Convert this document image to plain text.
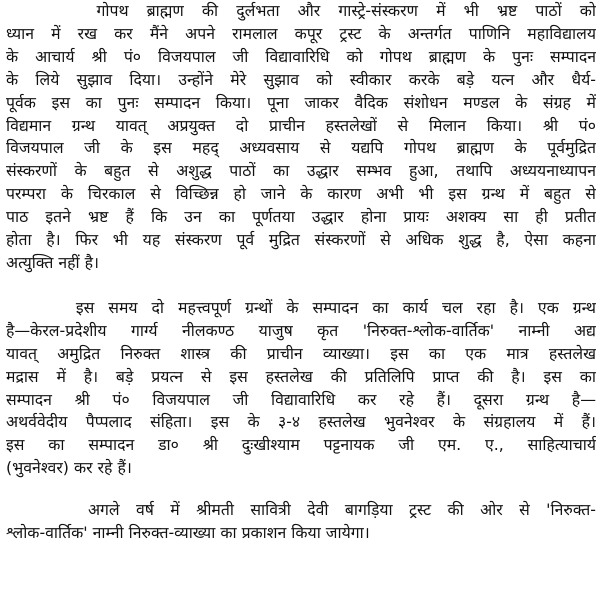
गोपथ ब्राह्मण की दुर्लभता और गास्ट्रे-संस्करण में भी भ्रष्ट पाठों को
ध्यान में रख कर मैंने अपने रामलाल कपूर ट्रस्ट के अन्तर्गत पाणिनि महाविद्यालय
के आचार्य श्री पं० विजयपाल जी विद्यावारिधि को गोपथ ब्राह्मण के पुनः सम्पादन
के लिये सुझाव दिया। उन्होंने मेरे सुझाव को स्वीकार करके बड़े यत्न और धैर्य-
पूर्वक इस का पुनः सम्पादन किया। पूना जाकर वैदिक संशोधन मण्डल के संग्रह में
विद्यमान ग्रन्थ यावत् अप्रयुक्त दो प्राचीन हस्तलेखों से मिलान किया। श्री पं०
विजयपाल जी के इस महद् अध्यवसाय से यद्यपि गोपथ ब्राह्मण के पूर्वमुद्रित
संस्करणों के बहुत से अशुद्ध पाठों का उद्धार सम्भव हुआ, तथापि अध्ययनाध्यापन
परम्परा के चिरकाल से विच्छिन्न हो जाने के कारण अभी भी इस ग्रन्थ में बहुत से
पाठ इतने भ्रष्ट हैं कि उन का पूर्णतया उद्धार होना प्रायः अशक्य सा ही प्रतीत
होता है। फिर भी यह संस्करण पूर्व मुद्रित संस्करणों से अधिक शुद्ध है, ऐसा कहना
अत्युक्ति नहीं है।
इस समय दो महत्त्वपूर्ण ग्रन्थों के सम्पादन का कार्य चल रहा है। एक ग्रन्थ
है—केरल-प्रदेशीय गार्ग्य नीलकण्ठ याजुष कृत 'निरुक्त-श्लोक-वार्तिक' नाम्नी अद्य
यावत् अमुद्रित निरुक्त शास्त्र की प्राचीन व्याख्या। इस का एक मात्र हस्तलेख
मद्रास में है। बड़े प्रयत्न से इस हस्तलेख की प्रतिलिपि प्राप्त की है। इस का
सम्पादन श्री पं० विजयपाल जी विद्यावारिधि कर रहे हैं। दूसरा ग्रन्थ है—
अथर्ववेदीय पैप्पलाद संहिता। इस के ३-४ हस्तलेख भुवनेश्वर के संग्रहालय में हैं।
इस का सम्पादन डा० श्री दुःखीश्याम पट्टनायक जी एम. ए., साहित्याचार्य
(भुवनेश्वर) कर रहे हैं।
अगले वर्ष में श्रीमती सावित्री देवी बागड़िया ट्रस्ट की ओर से 'निरुक्त-
श्लोक-वार्तिक' नाम्नी निरुक्त-व्याख्या का प्रकाशन किया जायेगा।
